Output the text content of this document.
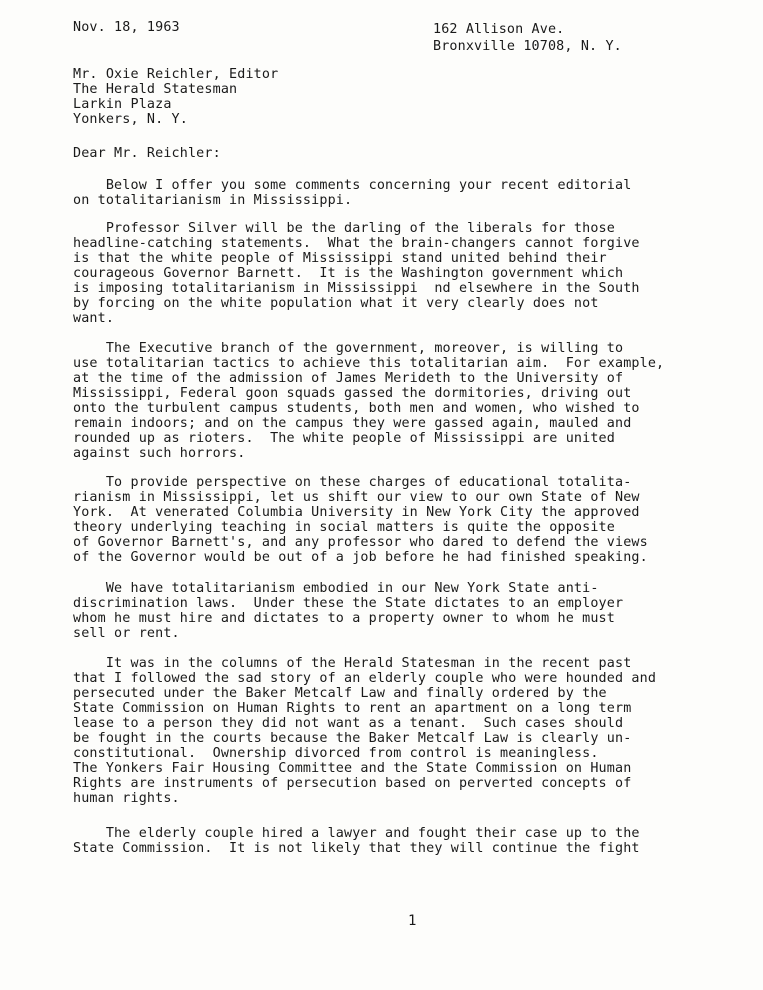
Nov. 18, 1963	162 Allison Ave.
Bronxville 10708, N. Y.
Mr. Oxie Reichler, Editor
The Herald Statesman
Larkin Plaza
Yonkers, N. Y.

Dear Mr. Reichler:

Below I offer you some comments concerning your recent editorial
on totalitarianism in Mississippi.
Professor Silver will be the darling of the liberals for those
headline-catching statements.  What the brain-changers cannot forgive
is that the white people of Mississippi stand united behind their
courageous Governor Barnett.  It is the Washington government which
is imposing totalitarianism in Mississippi  nd elsewhere in the South
by forcing on the white population what it very clearly does not
want.
The Executive branch of the government, moreover, is willing to
use totalitarian tactics to achieve this totalitarian aim.  For example,
at the time of the admission of James Merideth to the University of
Mississippi, Federal goon squads gassed the dormitories, driving out
onto the turbulent campus students, both men and women, who wished to
remain indoors; and on the campus they were gassed again, mauled and
rounded up as rioters.  The white people of Mississippi are united
against such horrors.
To provide perspective on these charges of educational totalita-
rianism in Mississippi, let us shift our view to our own State of New
York.  At venerated Columbia University in New York City the approved
theory underlying teaching in social matters is quite the opposite
of Governor Barnett's, and any professor who dared to defend the views
of the Governor would be out of a job before he had finished speaking.
We have totalitarianism embodied in our New York State anti-
discrimination laws.  Under these the State dictates to an employer
whom he must hire and dictates to a property owner to whom he must
sell or rent.
It was in the columns of the Herald Statesman in the recent past
that I followed the sad story of an elderly couple who were hounded and
persecuted under the Baker Metcalf Law and finally ordered by the
State Commission on Human Rights to rent an apartment on a long term
lease to a person they did not want as a tenant.  Such cases should
be fought in the courts because the Baker Metcalf Law is clearly un-
constitutional.  Ownership divorced from control is meaningless.
The Yonkers Fair Housing Committee and the State Commission on Human
Rights are instruments of persecution based on perverted concepts of
human rights.
The elderly couple hired a lawyer and fought their case up to the
State Commission.  It is not likely that they will continue the fight

1
